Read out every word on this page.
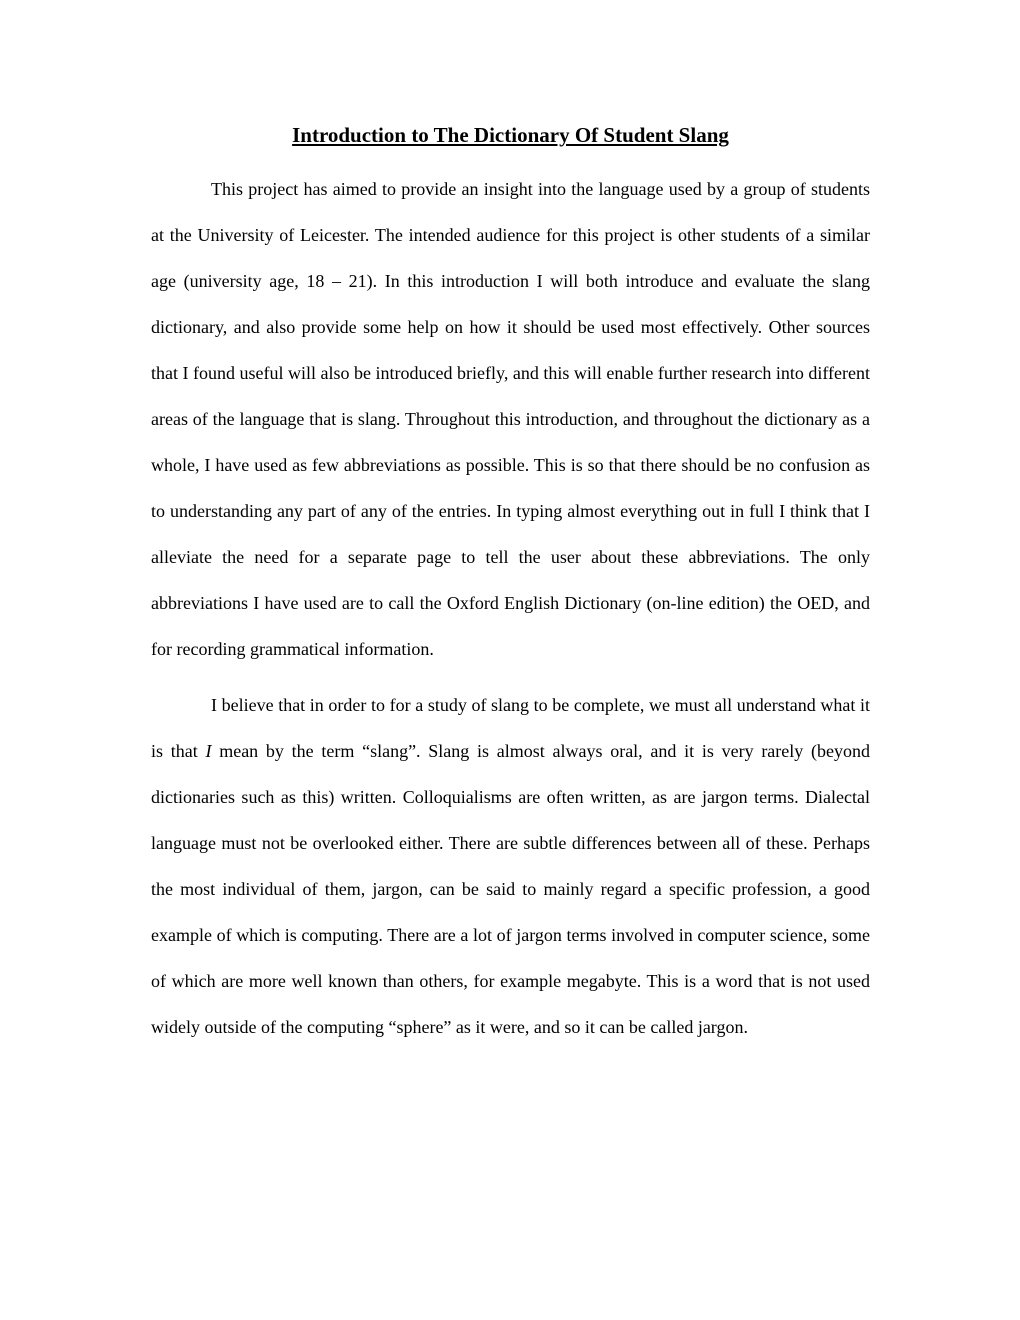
Introduction to The Dictionary Of Student Slang

This project has aimed to provide an insight into the language used by a group of students at the University of Leicester. The intended audience for this project is other students of a similar age (university age, 18 – 21). In this introduction I will both introduce and evaluate the slang dictionary, and also provide some help on how it should be used most effectively. Other sources that I found useful will also be introduced briefly, and this will enable further research into different areas of the language that is slang. Throughout this introduction, and throughout the dictionary as a whole, I have used as few abbreviations as possible. This is so that there should be no confusion as to understanding any part of any of the entries. In typing almost everything out in full I think that I alleviate the need for a separate page to tell the user about these abbreviations. The only abbreviations I have used are to call the Oxford English Dictionary (on-line edition) the OED, and for recording grammatical information.

I believe that in order to for a study of slang to be complete, we must all understand what it is that I mean by the term “slang”. Slang is almost always oral, and it is very rarely (beyond dictionaries such as this) written. Colloquialisms are often written, as are jargon terms. Dialectal language must not be overlooked either. There are subtle differences between all of these. Perhaps the most individual of them, jargon, can be said to mainly regard a specific profession, a good example of which is computing. There are a lot of jargon terms involved in computer science, some of which are more well known than others, for example megabyte. This is a word that is not used widely outside of the computing “sphere” as it were, and so it can be called jargon.
